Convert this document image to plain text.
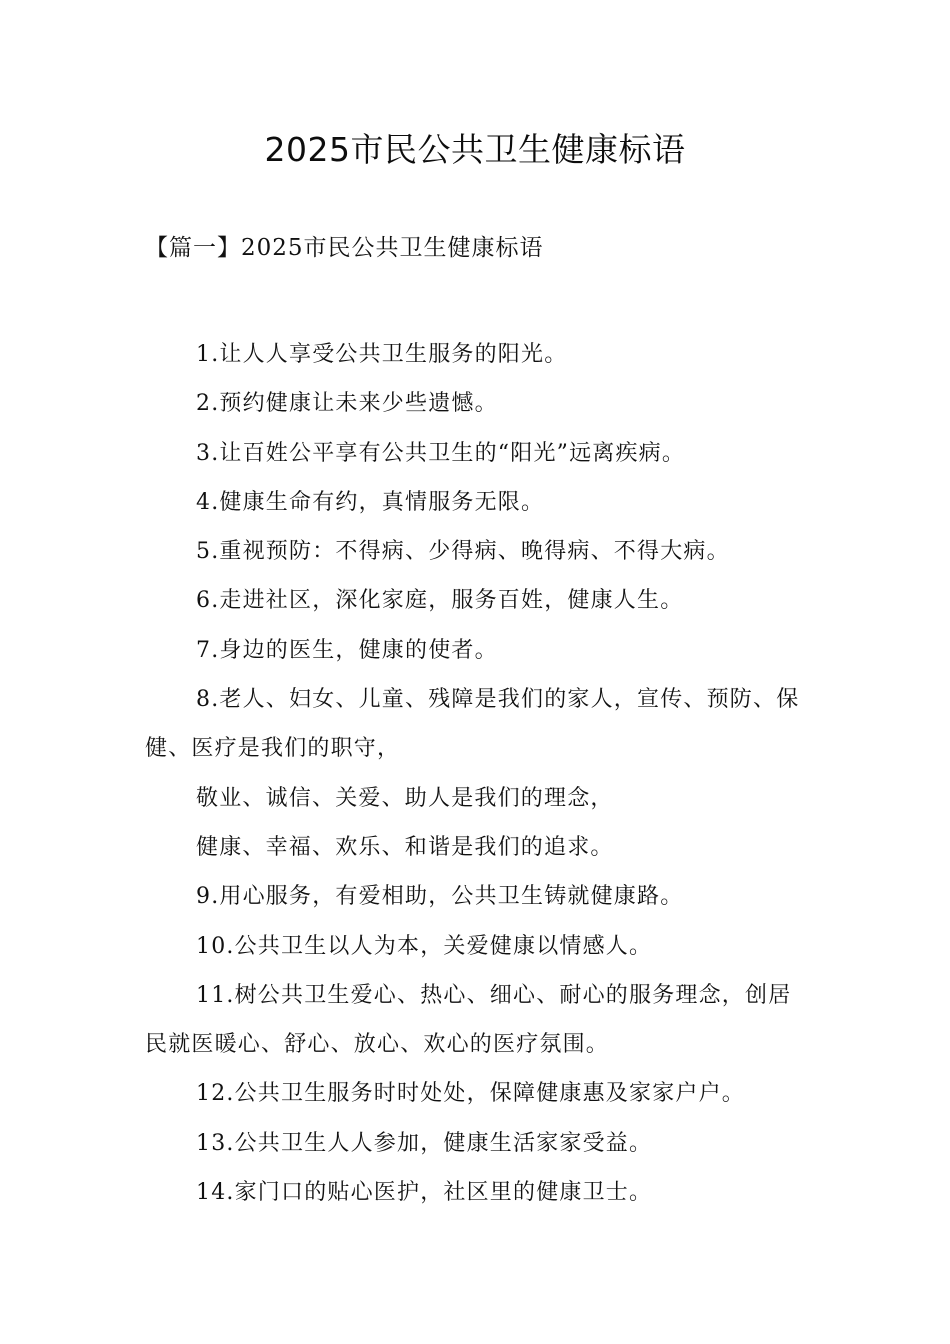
2025市民公共卫生健康标语
【篇一】2025市民公共卫生健康标语

1.让人人享受公共卫生服务的阳光。

2.预约健康让未来少些遗憾。

3.让百姓公平享有公共卫生的“阳光”远离疾病。

4.健康生命有约，真情服务无限。

5.重视预防：不得病、少得病、晚得病、不得大病。

6.走进社区，深化家庭，服务百姓，健康人生。

7.身边的医生，健康的使者。

8.老人、妇女、儿童、残障是我们的家人，宣传、预防、保健、医疗是我们的职守，

敬业、诚信、关爱、助人是我们的理念，

健康、幸福、欢乐、和谐是我们的追求。

9.用心服务，有爱相助，公共卫生铸就健康路。

10.公共卫生以人为本，关爱健康以情感人。

11.树公共卫生爱心、热心、细心、耐心的服务理念，创居民就医暖心、舒心、放心、欢心的医疗氛围。

12.公共卫生服务时时处处，保障健康惠及家家户户。

13.公共卫生人人参加，健康生活家家受益。

14.家门口的贴心医护，社区里的健康卫士。
